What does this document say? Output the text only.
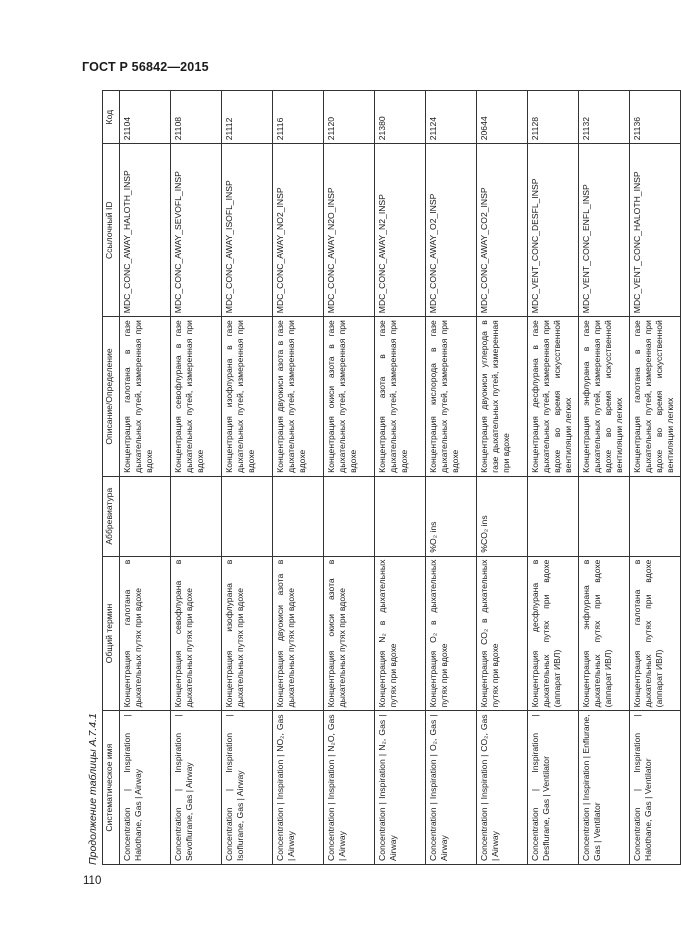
ГОСТ Р 56842—2015
110
Продолжение таблицы А.7.4.1 Систематическое имя	Общий термин	Аббревиатура	Описание/Определение	Ссылочный ID	Код
Concentration | Inspiration | Halothane, Gas | Airway	Концентрация галотана в дыхательных путях при вдохе		Концентрация галотана в газе дыхательных путей, измеренная при вдохе	MDC_CONC_AWAY_HALOTH_INSP	21104
Concentration | Inspiration | Sevoflurane, Gas | Airway	Концентрация севофлурана в дыхательных путях при вдохе		Концентрация севофлурана в газе дыхательных путей, измеренная при вдохе	MDC_CONC_AWAY_SEVOFL_INSP	21108
Concentration | Inspiration | Isoflurane, Gas | Airway	Концентрация изофлурана в дыхательных путях при вдохе		Концентрация изофлурана в газе дыхательных путей, измеренная при вдохе	MDC_CONC_AWAY_ISOFL_INSP	21112
Concentration | Inspiration | NO₂, Gas | Airway	Концентрация двуокиси азота в дыхательных путях при вдохе		Концентрация двуокиси азота в газе дыхательных путей, измеренная при вдохе	MDC_CONC_AWAY_NO2_INSP	21116
Concentration | Inspiration | N₂O, Gas | Airway	Концентрация окиси азота в дыхательных путях при вдохе		Концентрация окиси азота в газе дыхательных путей, измеренная при вдохе	MDC_CONC_AWAY_N2O_INSP	21120
Concentration | Inspiration | N₂, Gas | Airway	Концентрация N₂ в дыхательных путях при вдохе		Концентрация азота в газе дыхательных путей, измеренная при вдохе	MDC_CONC_AWAY_N2_INSP	21380
Concentration | Inspiration | O₂, Gas | Airway	Концентрация O₂ в дыхательных путях при вдохе	%O₂ ins	Концентрация кислорода в газе дыхательных путей, измеренная при вдохе	MDC_CONC_AWAY_O2_INSP	21124
Concentration | Inspiration | CO₂, Gas | Airway	Концентрация CO₂ в дыхательных путях при вдохе	%CO₂ ins	Концентрация двуокиси углерода в газе дыхательных путей, измеренная при вдохе	MDC_CONC_AWAY_CO2_INSP	20644
Concentration | Inspiration | Desflurane, Gas | Ventilator	Концентрация десфлурана в дыхательных путях при вдохе (аппарат ИВЛ)		Концентрация десфлурана в газе дыхательных путей, измеренная при вдохе во время искусственной вентиляции легких	MDC_VENT_CONC_DESFL_INSP	21128
Concentration | Inspiration | Enflurane, Gas | Ventilator	Концентрация энфлурана в дыхательных путях при вдохе (аппарат ИВЛ)		Концентрация энфлурана в газе дыхательных путей, измеренная при вдохе во время искусственной вентиляции легких	MDC_VENT_CONC_ENFL_INSP	21132
Concentration | Inspiration | Halothane, Gas | Ventilator	Концентрация галотана в дыхательных путях при вдохе (аппарат ИВЛ)		Концентрация галотана в газе дыхательных путей, измеренная при вдохе во время искусственной вентиляции легких	MDC_VENT_CONC_HALOTH_INSP	21136
